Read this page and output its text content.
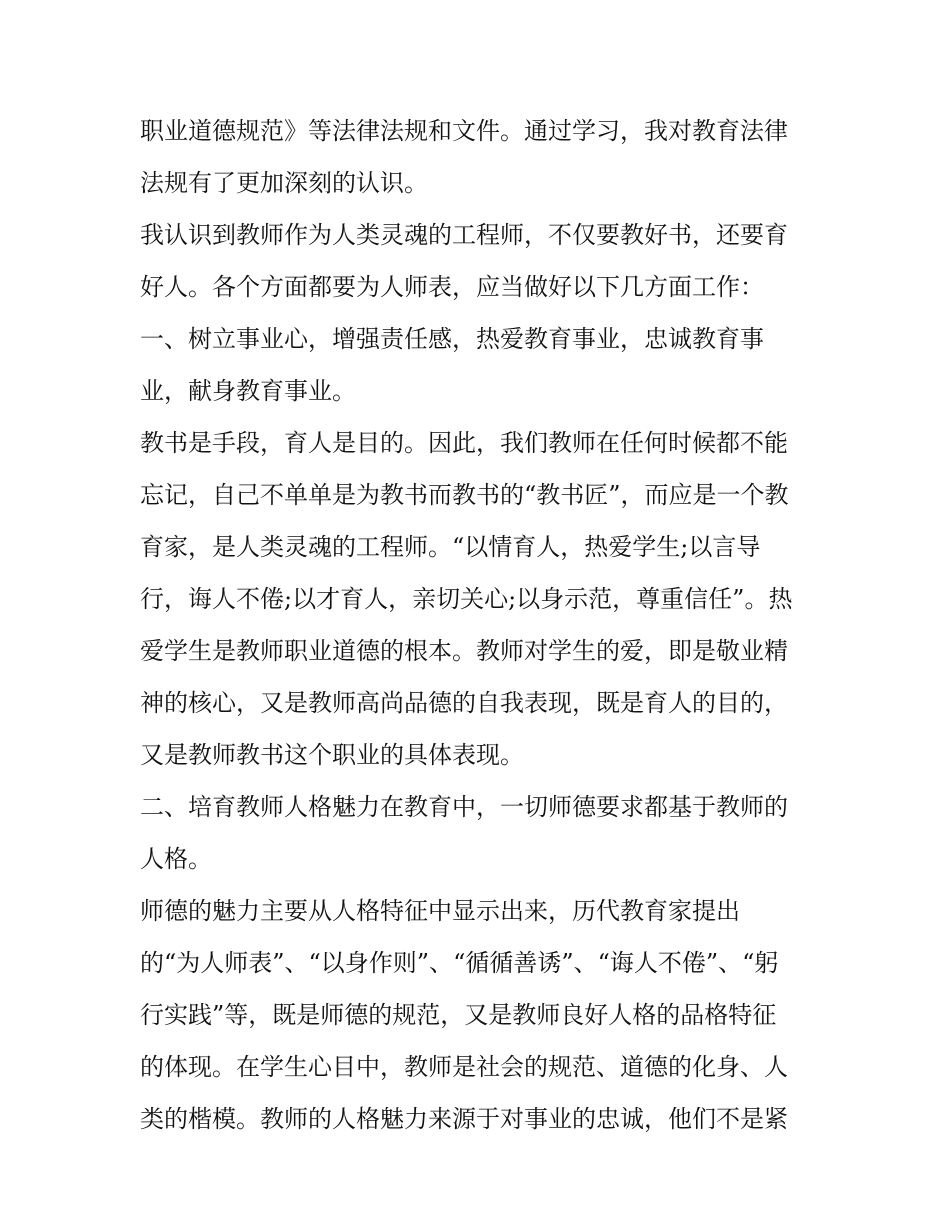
职业道德规范》等法律法规和文件。通过学习，我对教育法律
法规有了更加深刻的认识。
我认识到教师作为人类灵魂的工程师，不仅要教好书，还要育
好人。各个方面都要为人师表，应当做好以下几方面工作：
一、树立事业心，增强责任感，热爱教育事业，忠诚教育事
业，献身教育事业。
教书是手段，育人是目的。因此，我们教师在任何时候都不能
忘记，自己不单单是为教书而教书的“教书匠”，而应是一个教
育家，是人类灵魂的工程师。“以情育人，热爱学生;以言导
行，诲人不倦;以才育人，亲切关心;以身示范，尊重信任”。热
爱学生是教师职业道德的根本。教师对学生的爱，即是敬业精
神的核心，又是教师高尚品德的自我表现，既是育人的目的，
又是教师教书这个职业的具体表现。
二、培育教师人格魅力在教育中，一切师德要求都基于教师的
人格。
师德的魅力主要从人格特征中显示出来，历代教育家提出
的“为人师表”、“以身作则”、“循循善诱”、“诲人不倦”、“躬
行实践”等，既是师德的规范，又是教师良好人格的品格特征
的体现。在学生心目中，教师是社会的规范、道德的化身、人
类的楷模。教师的人格魅力来源于对事业的忠诚，他们不是紧
